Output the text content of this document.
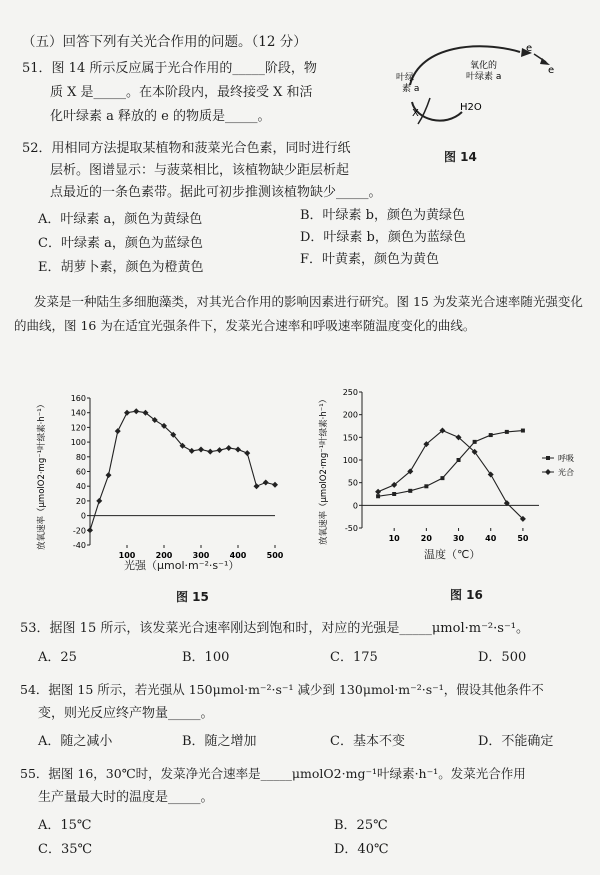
（五）回答下列有关光合作用的问题。（12 分）
51．图 14 所示反应属于光合作用的_____阶段，物
质 X 是_____。在本阶段内，最终接受 X 和活
化叶绿素 a 释放的 e 的物质是_____。
叶绿
素 a
氧化的
叶绿素 a
e
e
X
H2O
图 14
52．用相同方法提取某植物和菠菜光合色素，同时进行纸
层析。图谱显示：与菠菜相比，该植物缺少距层析起
点最近的一条色素带。据此可初步推测该植物缺少_____。
A．叶绿素 a，颜色为黄绿色	B．叶绿素 b，颜色为黄绿色
C．叶绿素 a，颜色为蓝绿色	D．叶绿素 b，颜色为蓝绿色
E．胡萝卜素，颜色为橙黄色
F．叶黄素，颜色为黄色
发菜是一种陆生多细胞藻类，对其光合作用的影响因素进行研究。图 15 为发菜光合速率随光强变化的曲线，图 16 为在适宜光强条件下，发菜光合速率和呼吸速率随温度变化的曲线。
-40
-20
0
20
40
60
80
100
120
140
160
100	200	300	400	500
放氧速率（μmolO2·mg⁻¹叶绿素·h⁻¹）
光强（μmol·m⁻²·s⁻¹）
图 15
-50
0
50
100
150
200
250
10	20	30	40	50
放氧速率（μmolO2·mg⁻¹叶绿素·h⁻¹）	呼吸
光合
温度（℃）
图 16
53．据图 15 所示，该发菜光合速率刚达到饱和时，对应的光强是_____μmol·m⁻²·s⁻¹。
A．25	B．100	C．175	D．500
54．据图 15 所示，若光强从 150μmol·m⁻²·s⁻¹ 减少到 130μmol·m⁻²·s⁻¹，假设其他条件不
变，则光反应终产物量_____。
A．随之减小	B．随之增加	C．基本不变	D．不能确定
55．据图 16，30℃时，发菜净光合速率是_____μmolO2·mg⁻¹叶绿素·h⁻¹。发菜光合作用
生产量最大时的温度是_____。
A．15℃	B．25℃
C．35℃	D．40℃
